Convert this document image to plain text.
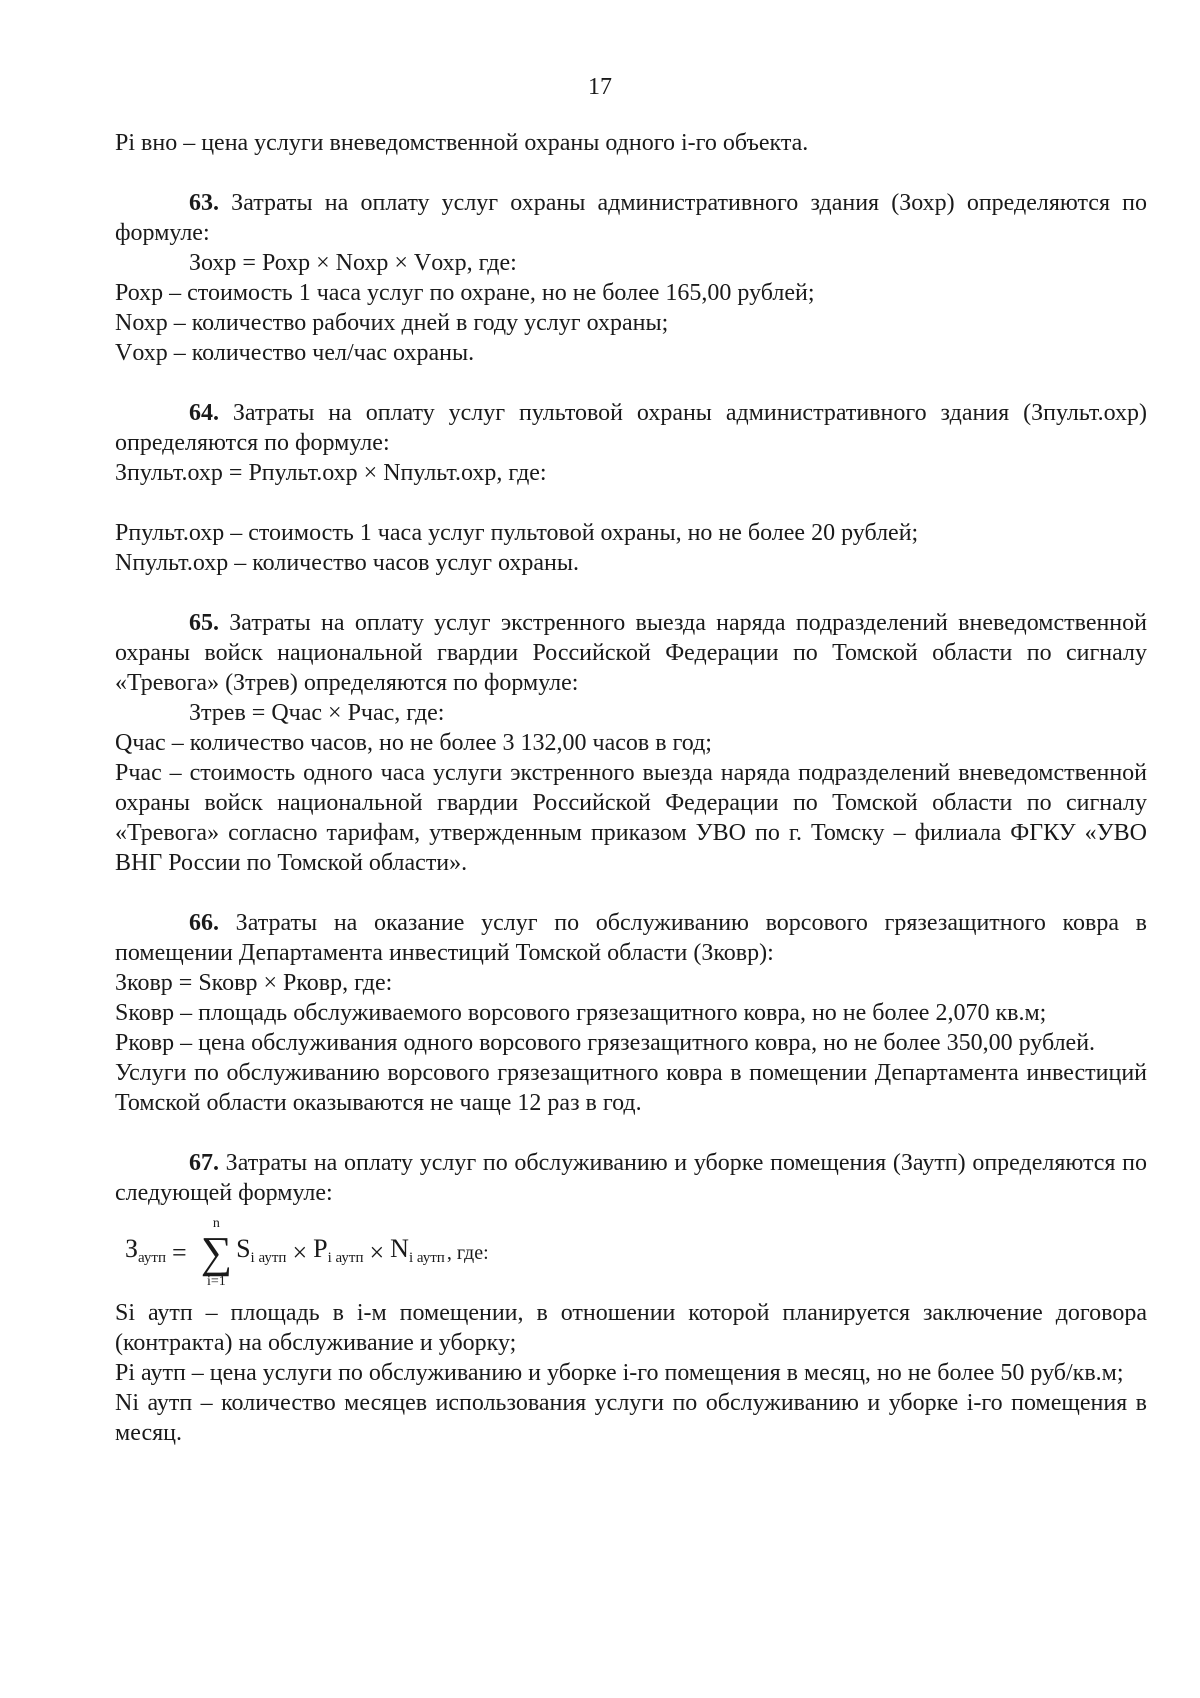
17

Pi вно – цена услуги вневедомственной охраны одного i-го объекта.

63. Затраты на оплату услуг охраны административного здания (Зохр) определяются по формуле:

Зохр = Рохр × Nохр × Vохр, где:

Рохр – стоимость 1 часа услуг по охране, но не более 165,00 рублей;

Nохр – количество рабочих дней в году услуг охраны;

Vохр – количество чел/час охраны.

64. Затраты на оплату услуг пультовой охраны административного здания (Зпульт.охр) определяются по формуле:

Зпульт.охр = Рпульт.охр × Nпульт.охр, где:

Рпульт.охр – стоимость 1 часа услуг пультовой охраны, но не более 20 рублей;

Nпульт.охр – количество часов услуг охраны.

65. Затраты на оплату услуг экстренного выезда наряда подразделений вневедомственной охраны войск национальной гвардии Российской Федерации по Томской области по сигналу «Тревога» (Зтрев) определяются по формуле:

Зтрев = Qчас × Рчас, где:

Qчас – количество часов, но не более 3 132,00 часов в год;

Рчас – стоимость одного часа услуги экстренного выезда наряда подразделений вневедомственной охраны войск национальной гвардии Российской Федерации по Томской области по сигналу «Тревога» согласно тарифам, утвержденным приказом УВО по г. Томску – филиала ФГКУ «УВО ВНГ России по Томской области».

66. Затраты на оказание услуг по обслуживанию ворсового грязезащитного ковра в помещении Департамента инвестиций Томской области (Зковр):

Зковр = Sковр × Рковр, где:

Sковр – площадь обслуживаемого ворсового грязезащитного ковра, но не более 2,070 кв.м;

Рковр – цена обслуживания одного ворсового грязезащитного ковра, но не более 350,00 рублей.

Услуги по обслуживанию ворсового грязезащитного ковра в помещении Департамента инвестиций Томской области оказываются не чаще 12 раз в год.

67. Затраты на оплату услуг по обслуживанию и уборке помещения (Заутп) определяются по следующей формуле:

$З_{аутп}$ =
n
∑
i=1
$S_{i аутп} \times P_{i аутп} \times N_{i аутп}$ , где:

Si аутп – площадь в i-м помещении, в отношении которой планируется заключение договора (контракта) на обслуживание и уборку;

Pi аутп – цена услуги по обслуживанию и уборке i-го помещения в месяц, но не более 50 руб/кв.м;

Ni аутп – количество месяцев использования услуги по обслуживанию и уборке i-го помещения в месяц.
